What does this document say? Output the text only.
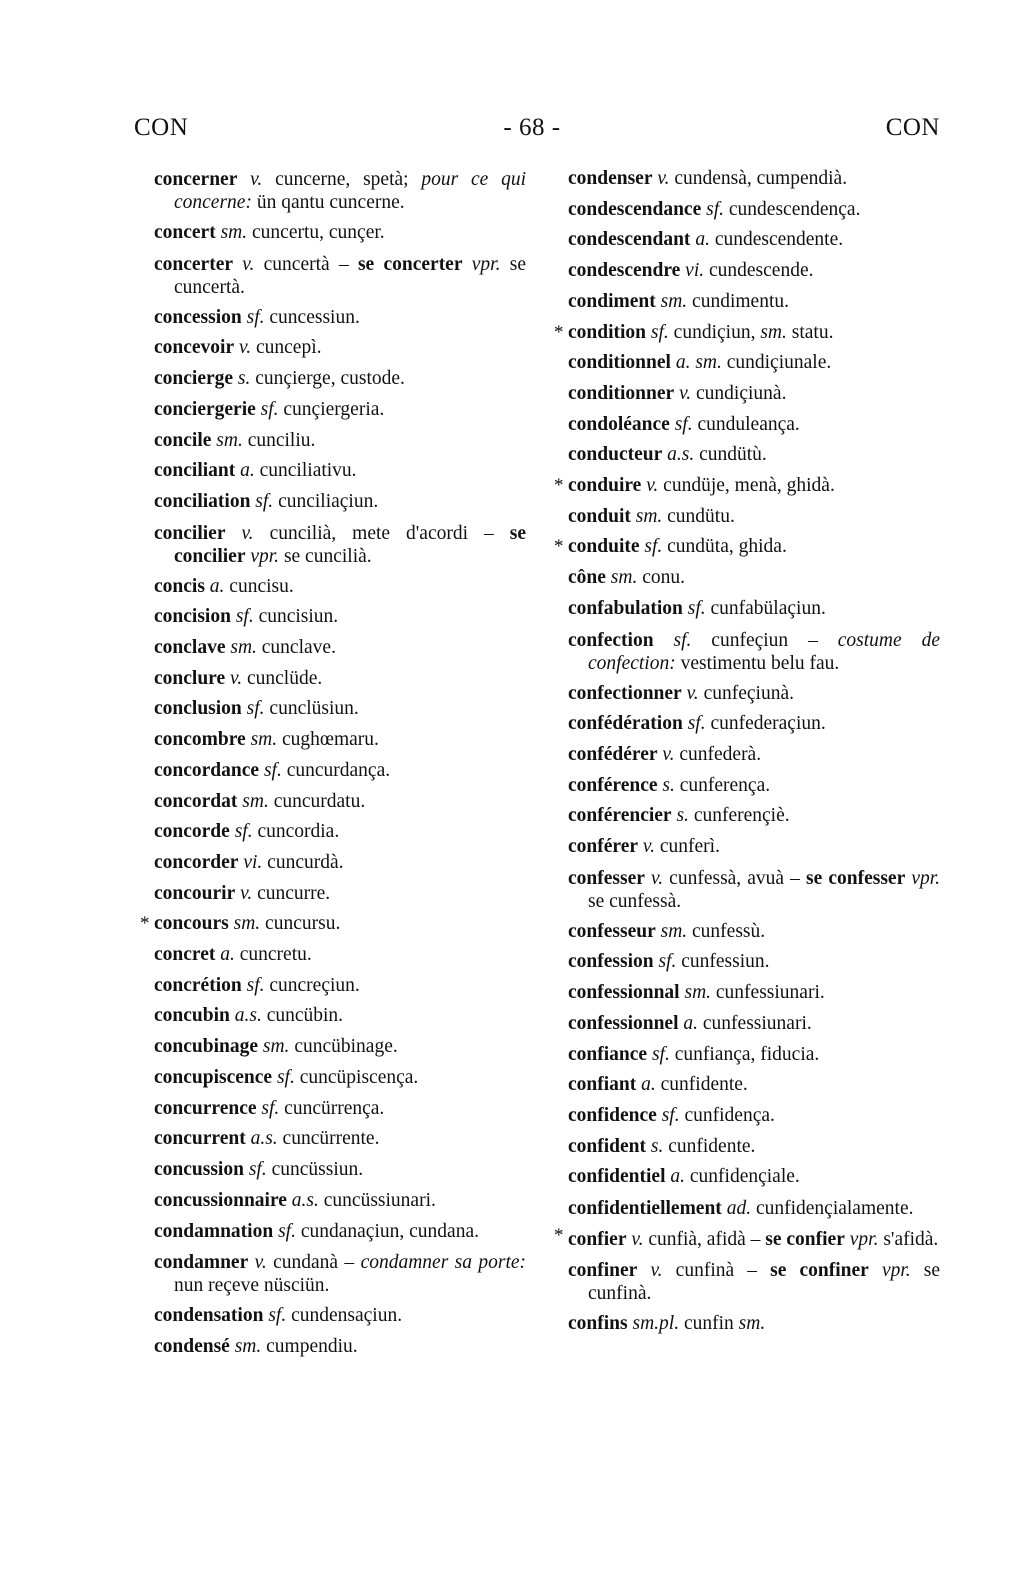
CON	- 68 -	CON
concerner v. cuncerne, spetà; pour ce qui concerne: ün qantu cuncerne.
concert sm. cuncertu, cunçer.
concerter v. cuncertà – se concerter vpr. se cuncertà.
concession sf. cuncessiun.
concevoir v. cuncepì.
concierge s. cunçierge, custode.
conciergerie sf. cunçiergeria.
concile sm. cunciliu.
conciliant a. cunciliativu.
conciliation sf. cunciliaçiun.
concilier v. cuncilià, mete d'acordi – se concilier vpr. se cuncilià.
concis a. cuncisu.
concision sf. cuncisiun.
conclave sm. cunclave.
conclure v. cunclüde.
conclusion sf. cunclüsiun.
concombre sm. cughœmaru.
concordance sf. cuncurdança.
concordat sm. cuncurdatu.
concorde sf. cuncordia.
concorder vi. cuncurdà.
concourir v. cuncurre.
* concours sm. cuncursu.
concret a. cuncretu.
concrétion sf. cuncreçiun.
concubin a.s. cuncübin.
concubinage sm. cuncübinage.
concupiscence sf. cuncüpiscença.
concurrence sf. cuncürrença.
concurrent a.s. cuncürrente.
concussion sf. cuncüssiun.
concussionnaire a.s. cuncüssiunari.
condamnation sf. cundanaçiun, cundana.
condamner v. cundanà – condamner sa porte: nun reçeve nüsciün.
condensation sf. cundensaçiun.
condensé sm. cumpendiu.
condenser v. cundensà, cumpendià.
condescendance sf. cundescendença.
condescendant a. cundescendente.
condescendre vi. cundescende.
condiment sm. cundimentu.
* condition sf. cundiçiun, sm. statu.
conditionnel a. sm. cundiçiunale.
conditionner v. cundiçiunà.
condoléance sf. cunduleança.
conducteur a.s. cundütù.
* conduire v. cundüje, menà, ghidà.
conduit sm. cundütu.
* conduite sf. cundüta, ghida.
cône sm. conu.
confabulation sf. cunfabülaçiun.
confection sf. cunfeçiun – costume de confection: vestimentu belu fau.
confectionner v. cunfeçiunà.
confédération sf. cunfederaçiun.
confédérer v. cunfederà.
conférence s. cunferença.
conférencier s. cunferençiè.
conférer v. cunferì.
confesser v. cunfessà, avuà – se confesser vpr. se cunfessà.
confesseur sm. cunfessù.
confession sf. cunfessiun.
confessionnal sm. cunfessiunari.
confessionnel a. cunfessiunari.
confiance sf. cunfiança, fiducia.
confiant a. cunfidente.
confidence sf. cunfidença.
confident s. cunfidente.
confidentiel a. cunfidençiale.
confidentiellement ad. cunfidençialamente.
* confier v. cunfià, afidà – se confier vpr. s'afidà.
confiner v. cunfinà – se confiner vpr. se cunfinà.
confins sm.pl. cunfin sm.
